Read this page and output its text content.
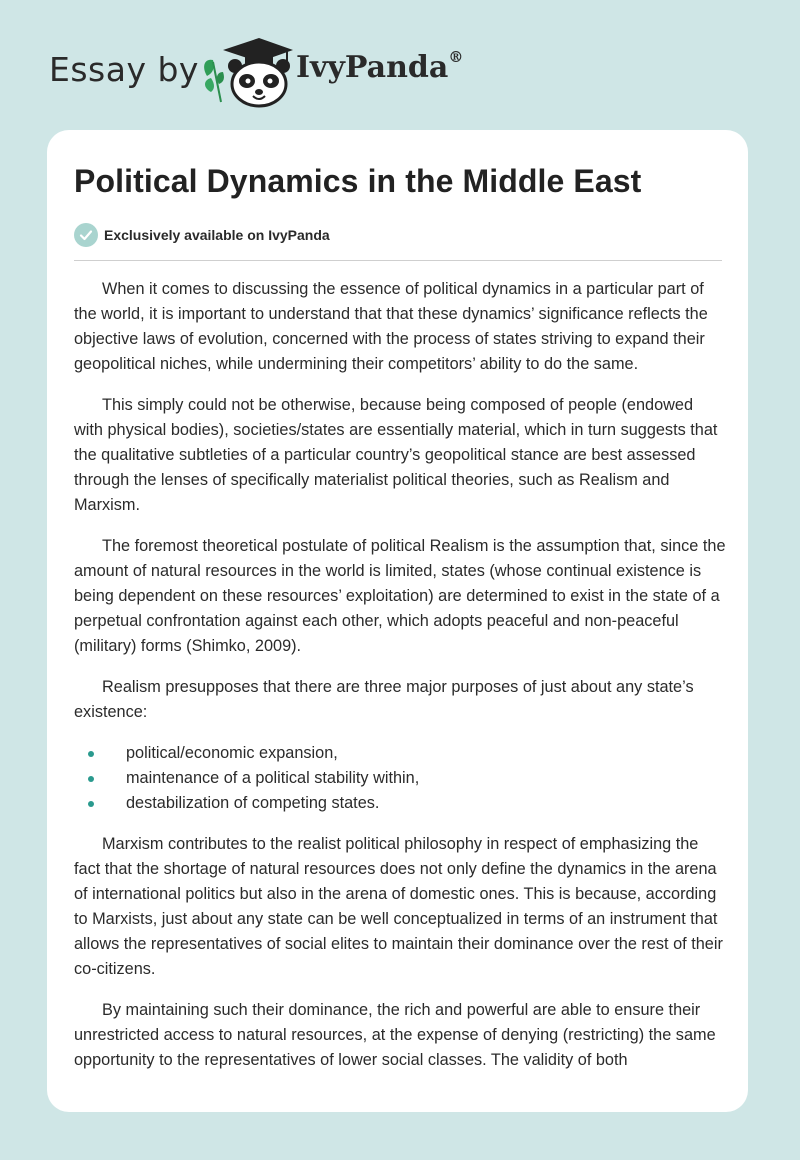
Essay by	IvyPanda®
Political Dynamics in the Middle East
Exclusively available on IvyPanda

When it comes to discussing the essence of political dynamics in a particular part of the world, it is important to understand that that these dynamics’ significance reflects the objective laws of evolution, concerned with the process of states striving to expand their geopolitical niches, while undermining their competitors’ ability to do the same.

This simply could not be otherwise, because being composed of people (endowed with physical bodies), societies/states are essentially material, which in turn suggests that the qualitative subtleties of a particular country’s geopolitical stance are best assessed through the lenses of specifically materialist political theories, such as Realism and Marxism.

The foremost theoretical postulate of political Realism is the assumption that, since the amount of natural resources in the world is limited, states (whose continual existence is being dependent on these resources’ exploitation) are determined to exist in the state of a perpetual confrontation against each other, which adopts peaceful and non-peaceful (military) forms (Shimko, 2009).

Realism presupposes that there are three major purposes of just about any state’s existence:

political/economic expansion,
maintenance of a political stability within,
destabilization of competing states.

Marxism contributes to the realist political philosophy in respect of emphasizing the fact that the shortage of natural resources does not only define the dynamics in the arena of international politics but also in the arena of domestic ones. This is because, according to Marxists, just about any state can be well conceptualized in terms of an instrument that allows the representatives of social elites to maintain their dominance over the rest of their co-citizens.

By maintaining such their dominance, the rich and powerful are able to ensure their unrestricted access to natural resources, at the expense of denying (restricting) the same opportunity to the representatives of lower social classes. The validity of both
